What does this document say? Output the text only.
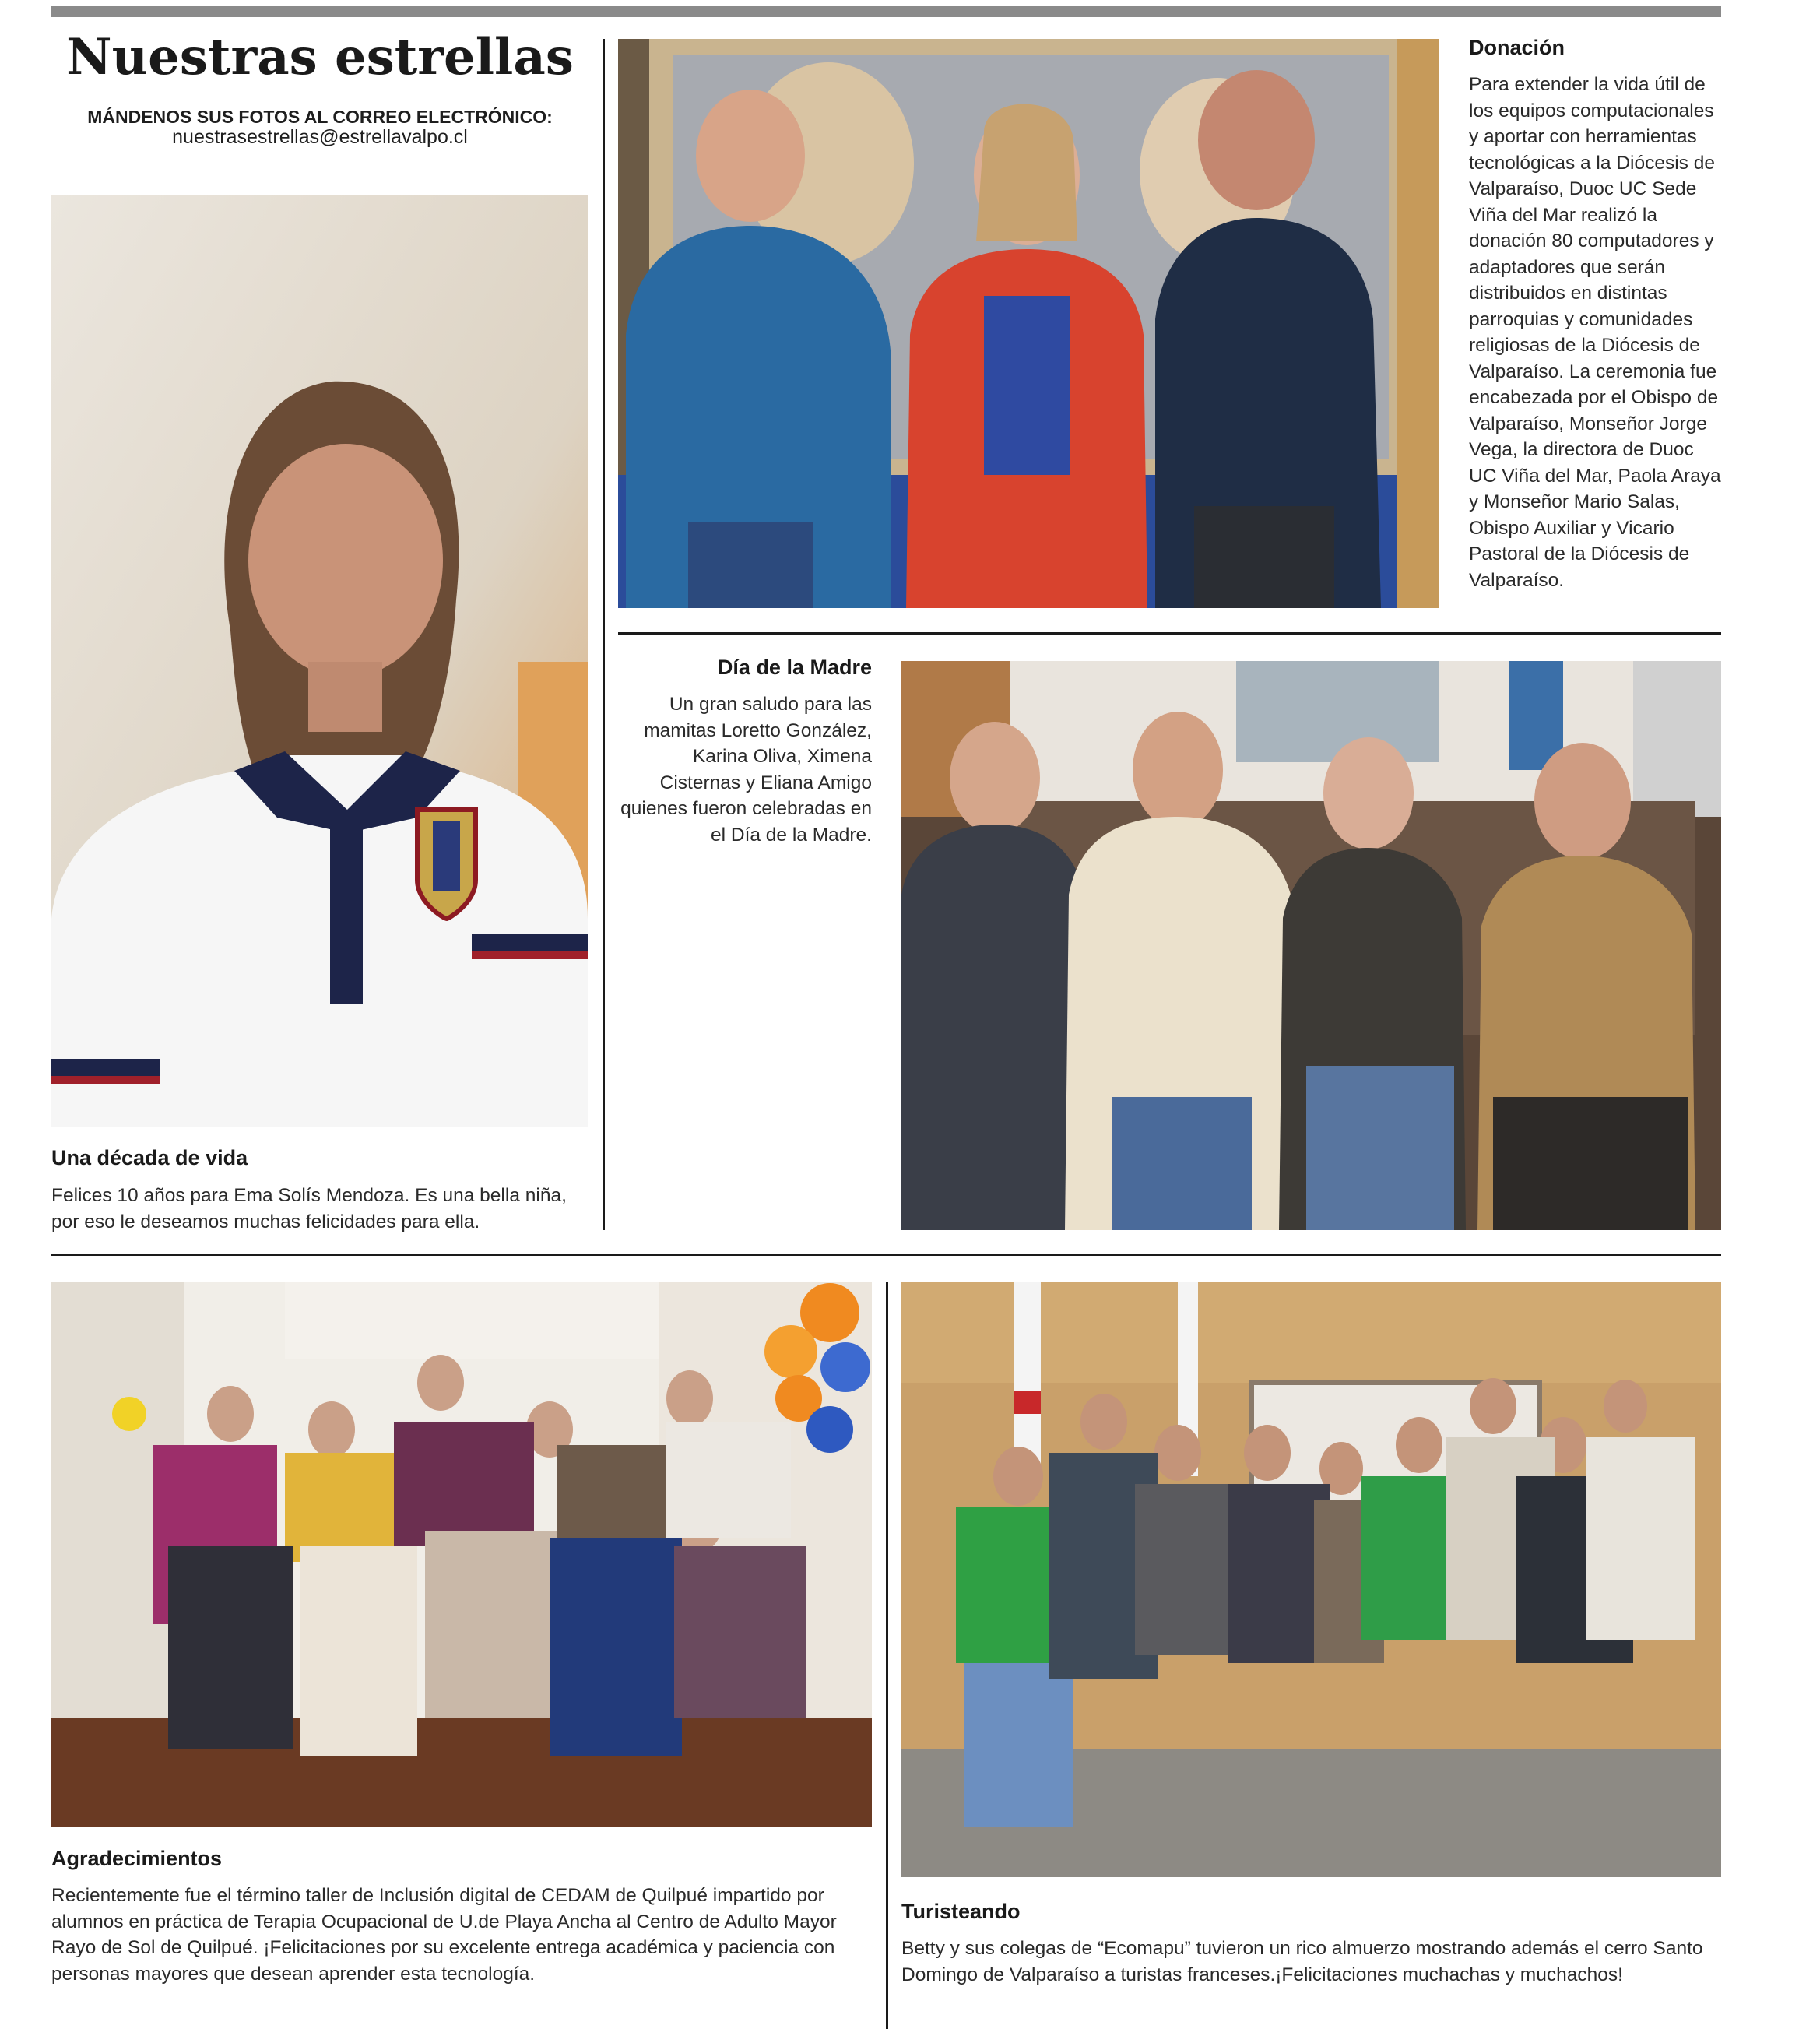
Nuestras estrellas
MÁNDENOS SUS FOTOS AL CORREO ELECTRÓNICO:
nuestrasestrellas@estrellavalpo.cl
Una década de vida
Felices 10 años para Ema Solís Mendoza. Es una bella niña, por eso le deseamos muchas felicidades para ella.
Donación
Para extender la vida útil de los equipos computacionales y aportar con herramientas tecnológicas a la Diócesis de Valparaíso, Duoc UC Sede Viña del Mar realizó la donación 80 computadores y adaptadores que serán distribuidos en distintas parroquias y comunidades religiosas de la Diócesis de Valparaíso. La ceremonia fue encabezada por el Obispo de Valparaíso, Monseñor Jorge Vega, la directora de Duoc UC Viña del Mar, Paola Araya y Monseñor Mario Salas, Obispo Auxiliar y Vicario Pastoral de la Diócesis de Valparaíso.
Día de la Madre
Un gran saludo para las mamitas Loretto González, Karina Oliva, Ximena Cisternas y Eliana Amigo quienes fueron celebradas en el Día de la Madre.
Agradecimientos
Recientemente fue el término taller de Inclusión digital de CEDAM de Quilpué impartido por alumnos en práctica de Terapia Ocupacional de U.de Playa Ancha al Centro de Adulto Mayor Rayo de Sol de Quilpué. ¡Felicitaciones por su excelente entrega académica y paciencia con personas mayores que desean aprender esta tecnología.
Turisteando
Betty y sus colegas de “Ecomapu” tuvieron un rico almuerzo mostrando además el cerro Santo Domingo de Valparaíso a turistas franceses.¡Felicitaciones muchachas y muchachos!
